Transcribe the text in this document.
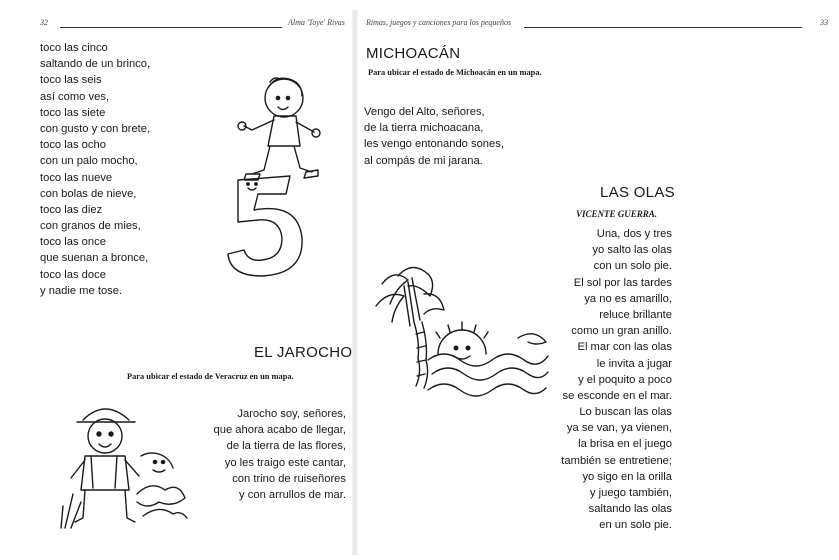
32	Alma 'Toye' Rivas
toco las cinco
saltando de un brinco,
toco las seis
así como ves,
toco las siete
con gusto y con brete,
toco las ocho
con un palo mocho,
toco las nueve
con bolas de nieve,
toco las diez
con granos de mies,
toco las once
que suenan a bronce,
toco las doce
y nadie me tose.
EL JAROCHO
Para ubicar el estado de Veracruz en un mapa.
Jarocho soy, señores,
que ahora acabo de llegar,
de la tierra de las flores,
yo les traigo este cantar,
con trino de ruiseñores
y con arrullos de mar.
Rimas, juegos y canciones para los pequeños	33
MICHOACÁN
Para ubicar el estado de Michoacán en un mapa.
Vengo del Alto, señores,
de la tierra michoacana,
les vengo entonando sones,
al compás de mi jarana.
LAS OLAS
VICENTE GUERRA.
Una, dos y tres
yo salto las olas
con un solo pie.
El sol por las tardes
ya no es amarillo,
reluce brillante
como un gran anillo.
El mar con las olas
le invita a jugar
y el poquito a poco
se esconde en el mar.
Lo buscan las olas
ya se van, ya vienen,
la brisa en el juego
también se entretiene;
yo sigo en la orilla
y juego también,
saltando las olas
en un solo pie.
